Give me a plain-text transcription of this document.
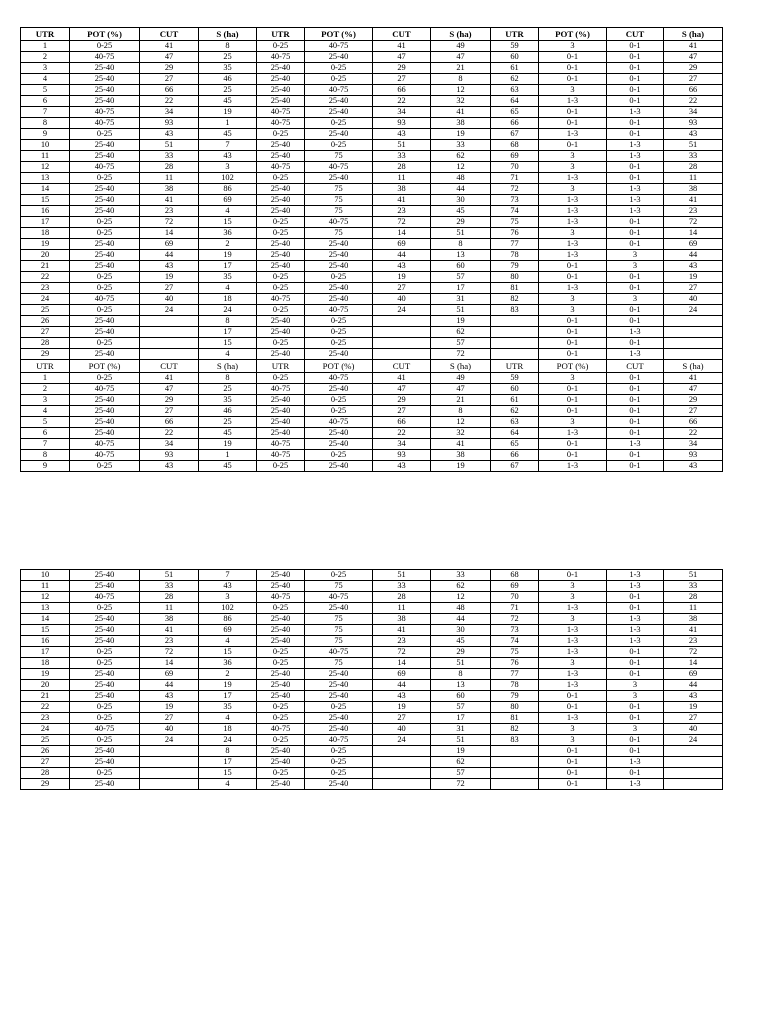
UTR	POT (%)	CUT	S (ha)	UTR	POT (%)	CUT	S (ha)	UTR	POT (%)	CUT	S (ha)
1	0-25	41	8	0-25	40-75	41	49	59	3	0-1	41
2	40-75	47	25	40-75	25-40	47	47	60	0-1	0-1	47
3	25-40	29	35	25-40	0-25	29	21	61	0-1	0-1	29
4	25-40	27	46	25-40	0-25	27	8	62	0-1	0-1	27
5	25-40	66	25	25-40	40-75	66	12	63	3	0-1	66
6	25-40	22	45	25-40	25-40	22	32	64	1-3	0-1	22
7	40-75	34	19	40-75	25-40	34	41	65	0-1	1-3	34
8	40-75	93	1	40-75	0-25	93	38	66	0-1	0-1	93
9	0-25	43	45	0-25	25-40	43	19	67	1-3	0-1	43
10	25-40	51	7	25-40	0-25	51	33	68	0-1	1-3	51
11	25-40	33	43	25-40	75	33	62	69	3	1-3	33
12	40-75	28	3	40-75	40-75	28	12	70	3	0-1	28
13	0-25	11	102	0-25	25-40	11	48	71	1-3	0-1	11
14	25-40	38	86	25-40	75	38	44	72	3	1-3	38
15	25-40	41	69	25-40	75	41	30	73	1-3	1-3	41
16	25-40	23	4	25-40	75	23	45	74	1-3	1-3	23
17	0-25	72	15	0-25	40-75	72	29	75	1-3	0-1	72
18	0-25	14	36	0-25	75	14	51	76	3	0-1	14
19	25-40	69	2	25-40	25-40	69	8	77	1-3	0-1	69
20	25-40	44	19	25-40	25-40	44	13	78	1-3	3	44
21	25-40	43	17	25-40	25-40	43	60	79	0-1	3	43
22	0-25	19	35	0-25	0-25	19	57	80	0-1	0-1	19
23	0-25	27	4	0-25	25-40	27	17	81	1-3	0-1	27
24	40-75	40	18	40-75	25-40	40	31	82	3	3	40
25	0-25	24	24	0-25	40-75	24	51	83	3	0-1	24
26	25-40		8	25-40	0-25		19		0-1	0-1	
27	25-40		17	25-40	0-25		62		0-1	1-3	
28	0-25		15	0-25	0-25		57		0-1	0-1	
29	25-40		4	25-40	25-40		72		0-1	1-3	
UTR	POT (%)	CUT	S (ha)	UTR	POT (%)	CUT	S (ha)	UTR	POT (%)	CUT	S (ha)
1	0-25	41	8	0-25	40-75	41	49	59	3	0-1	41
2	40-75	47	25	40-75	25-40	47	47	60	0-1	0-1	47
3	25-40	29	35	25-40	0-25	29	21	61	0-1	0-1	29
4	25-40	27	46	25-40	0-25	27	8	62	0-1	0-1	27
5	25-40	66	25	25-40	40-75	66	12	63	3	0-1	66
6	25-40	22	45	25-40	25-40	22	32	64	1-3	0-1	22
7	40-75	34	19	40-75	25-40	34	41	65	0-1	1-3	34
8	40-75	93	1	40-75	0-25	93	38	66	0-1	0-1	93
9	0-25	43	45	0-25	25-40	43	19	67	1-3	0-1	43
10	25-40	51	7	25-40	0-25	51	33	68	0-1	1-3	51
11	25-40	33	43	25-40	75	33	62	69	3	1-3	33
12	40-75	28	3	40-75	40-75	28	12	70	3	0-1	28
13	0-25	11	102	0-25	25-40	11	48	71	1-3	0-1	11
14	25-40	38	86	25-40	75	38	44	72	3	1-3	38
15	25-40	41	69	25-40	75	41	30	73	1-3	1-3	41
16	25-40	23	4	25-40	75	23	45	74	1-3	1-3	23
17	0-25	72	15	0-25	40-75	72	29	75	1-3	0-1	72
18	0-25	14	36	0-25	75	14	51	76	3	0-1	14
19	25-40	69	2	25-40	25-40	69	8	77	1-3	0-1	69
20	25-40	44	19	25-40	25-40	44	13	78	1-3	3	44
21	25-40	43	17	25-40	25-40	43	60	79	0-1	3	43
22	0-25	19	35	0-25	0-25	19	57	80	0-1	0-1	19
23	0-25	27	4	0-25	25-40	27	17	81	1-3	0-1	27
24	40-75	40	18	40-75	25-40	40	31	82	3	3	40
25	0-25	24	24	0-25	40-75	24	51	83	3	0-1	24
26	25-40		8	25-40	0-25		19		0-1	0-1	
27	25-40		17	25-40	0-25		62		0-1	1-3	
28	0-25		15	0-25	0-25		57		0-1	0-1	
29	25-40		4	25-40	25-40		72		0-1	1-3	
